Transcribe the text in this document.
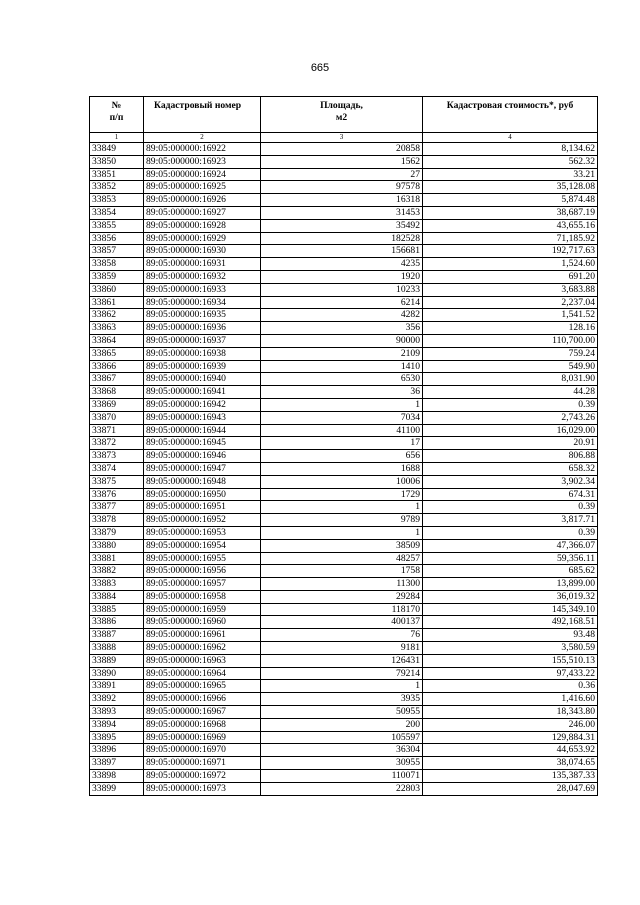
665
№
п/п	Кадастровый номер	Площадь,
м2	Кадастровая стоимость*, руб
1	2	3	4
33849	89:05:000000:16922	20858	8,134.62
33850	89:05:000000:16923	1562	562.32
33851	89:05:000000:16924	27	33.21
33852	89:05:000000:16925	97578	35,128.08
33853	89:05:000000:16926	16318	5,874.48
33854	89:05:000000:16927	31453	38,687.19
33855	89:05:000000:16928	35492	43,655.16
33856	89:05:000000:16929	182528	71,185.92
33857	89:05:000000:16930	156681	192,717.63
33858	89:05:000000:16931	4235	1,524.60
33859	89:05:000000:16932	1920	691.20
33860	89:05:000000:16933	10233	3,683.88
33861	89:05:000000:16934	6214	2,237.04
33862	89:05:000000:16935	4282	1,541.52
33863	89:05:000000:16936	356	128.16
33864	89:05:000000:16937	90000	110,700.00
33865	89:05:000000:16938	2109	759.24
33866	89:05:000000:16939	1410	549.90
33867	89:05:000000:16940	6530	8,031.90
33868	89:05:000000:16941	36	44.28
33869	89:05:000000:16942	1	0.39
33870	89:05:000000:16943	7034	2,743.26
33871	89:05:000000:16944	41100	16,029.00
33872	89:05:000000:16945	17	20.91
33873	89:05:000000:16946	656	806.88
33874	89:05:000000:16947	1688	658.32
33875	89:05:000000:16948	10006	3,902.34
33876	89:05:000000:16950	1729	674.31
33877	89:05:000000:16951	1	0.39
33878	89:05:000000:16952	9789	3,817.71
33879	89:05:000000:16953	1	0.39
33880	89:05:000000:16954	38509	47,366.07
33881	89:05:000000:16955	48257	59,356.11
33882	89:05:000000:16956	1758	685.62
33883	89:05:000000:16957	11300	13,899.00
33884	89:05:000000:16958	29284	36,019.32
33885	89:05:000000:16959	118170	145,349.10
33886	89:05:000000:16960	400137	492,168.51
33887	89:05:000000:16961	76	93.48
33888	89:05:000000:16962	9181	3,580.59
33889	89:05:000000:16963	126431	155,510.13
33890	89:05:000000:16964	79214	97,433.22
33891	89:05:000000:16965	1	0.36
33892	89:05:000000:16966	3935	1,416.60
33893	89:05:000000:16967	50955	18,343.80
33894	89:05:000000:16968	200	246.00
33895	89:05:000000:16969	105597	129,884.31
33896	89:05:000000:16970	36304	44,653.92
33897	89:05:000000:16971	30955	38,074.65
33898	89:05:000000:16972	110071	135,387.33
33899	89:05:000000:16973	22803	28,047.69
